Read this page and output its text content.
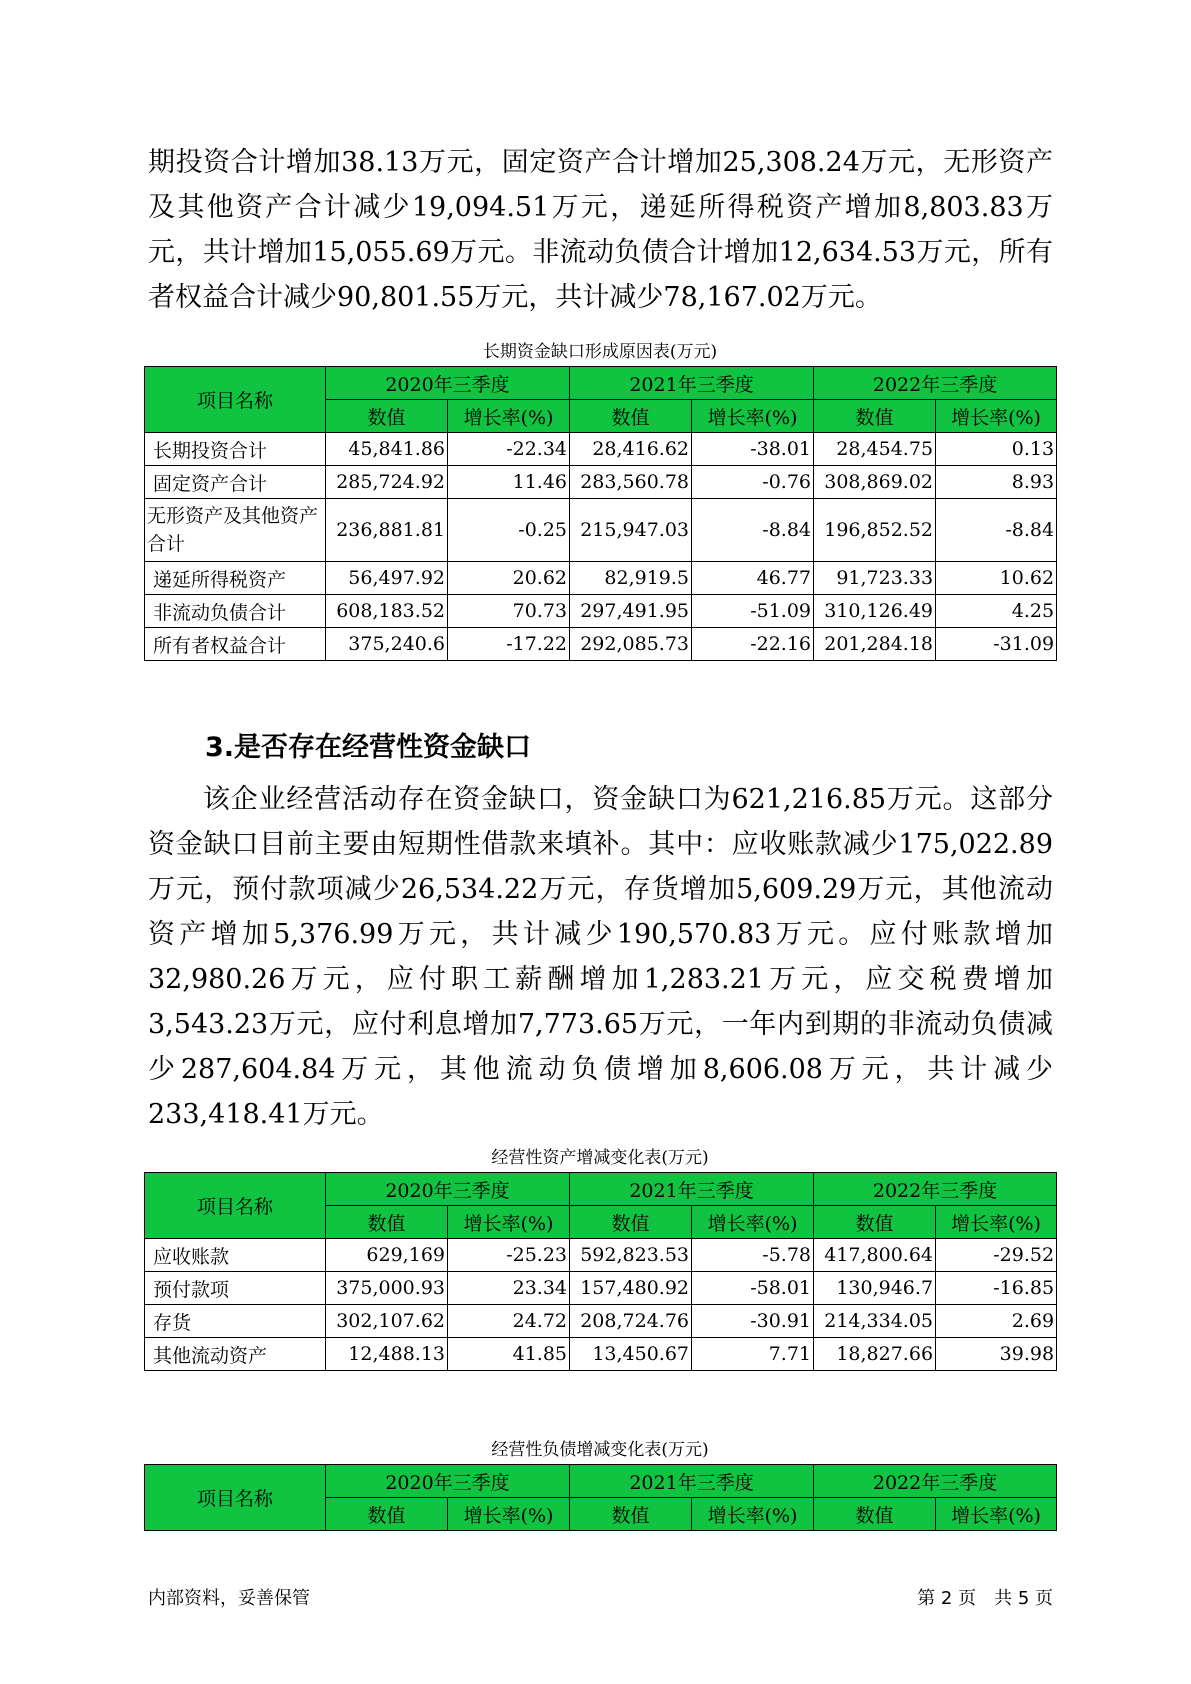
期投资合计增加38.13万元，固定资产合计增加25,308.24万元，无形资产及其他资产合计减少19,094.51万元，递延所得税资产增加8,803.83万元，共计增加15,055.69万元。非流动负债合计增加12,634.53万元，所有者权益合计减少90,801.55万元，共计减少78,167.02万元。

长期资金缺口形成原因表(万元)
项目名称	2020年三季度		2021年三季度		2022年三季度	
	数值	增长率(%)	数值	增长率(%)	数值	增长率(%)
长期投资合计	45,841.86	-22.34	28,416.62	-38.01	28,454.75	0.13
固定资产合计	285,724.92	11.46	283,560.78	-0.76	308,869.02	8.93
无形资产及其他资产合计	236,881.81	-0.25	215,947.03	-8.84	196,852.52	-8.84
递延所得税资产	56,497.92	20.62	82,919.5	46.77	91,723.33	10.62
非流动负债合计	608,183.52	70.73	297,491.95	-51.09	310,126.49	4.25
所有者权益合计	375,240.6	-17.22	292,085.73	-22.16	201,284.18	-31.09
3.是否存在经营性资金缺口

该企业经营活动存在资金缺口，资金缺口为621,216.85万元。这部分资金缺口目前主要由短期性借款来填补。其中：应收账款减少175,022.89万元，预付款项减少26,534.22万元，存货增加5,609.29万元，其他流动资产增加5,376.99万元，共计减少190,570.83万元。应付账款增加32,980.26万元，应付职工薪酬增加1,283.21万元，应交税费增加3,543.23万元，应付利息增加7,773.65万元，一年内到期的非流动负债减少287,604.84万元，其他流动负债增加8,606.08万元，共计减少233,418.41万元。

经营性资产增减变化表(万元)
项目名称	2020年三季度		2021年三季度		2022年三季度	
	数值	增长率(%)	数值	增长率(%)	数值	增长率(%)
应收账款	629,169	-25.23	592,823.53	-5.78	417,800.64	-29.52
预付款项	375,000.93	23.34	157,480.92	-58.01	130,946.7	-16.85
存货	302,107.62	24.72	208,724.76	-30.91	214,334.05	2.69
其他流动资产	12,488.13	41.85	13,450.67	7.71	18,827.66	39.98
经营性负债增减变化表(万元)
项目名称	2020年三季度		2021年三季度		2022年三季度	
	数值	增长率(%)	数值	增长率(%)	数值	增长率(%)
内部资料，妥善保管	第 2 页　共 5 页
